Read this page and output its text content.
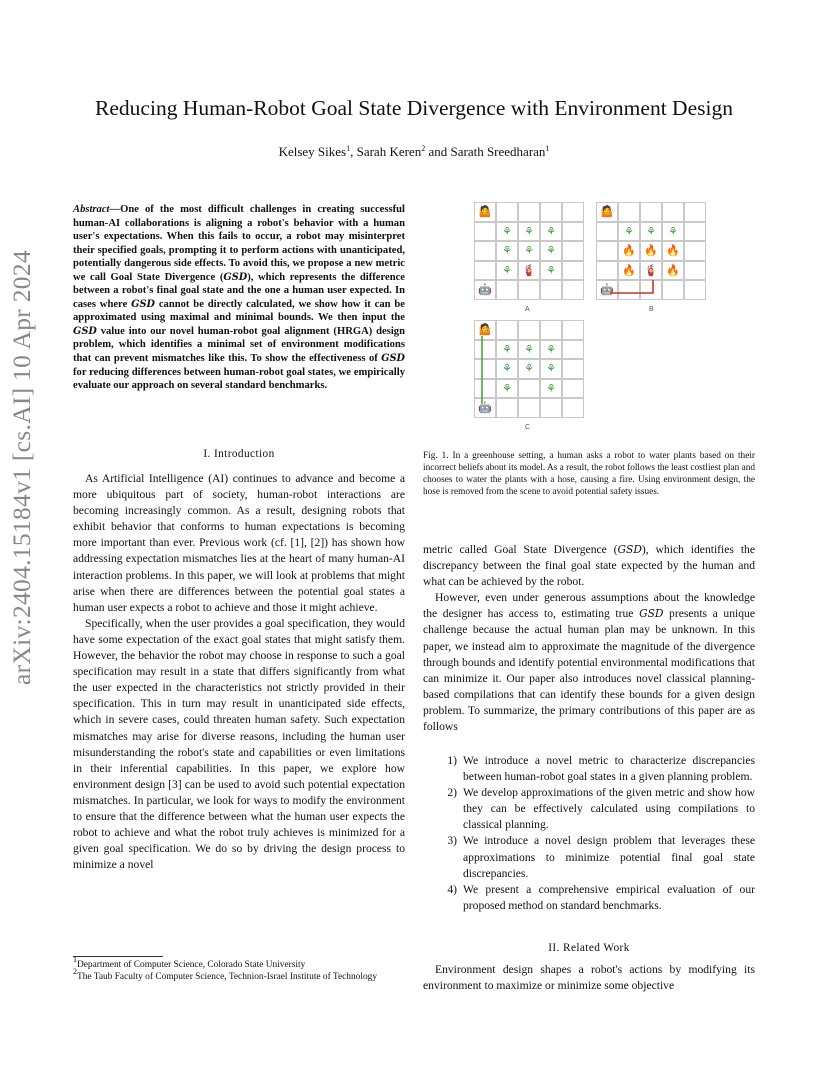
arXiv:2404.15184v1 [cs.AI] 10 Apr 2024
Reducing Human-Robot Goal State Divergence with Environment Design
Kelsey Sikes$^1$, Sarah Keren$^2$ and Sarath Sreedharan$^1$
Abstract—One of the most difficult challenges in creating successful human-AI collaborations is aligning a robot's behavior with a human user's expectations. When this fails to occur, a robot may misinterpret their specified goals, prompting it to perform actions with unanticipated, potentially dangerous side effects. To avoid this, we propose a new metric we call Goal State Divergence (GSD), which represents the difference between a robot's final goal state and the one a human user expected. In cases where GSD cannot be directly calculated, we show how it can be approximated using maximal and minimal bounds. We then input the GSD value into our novel human-robot goal alignment (HRGA) design problem, which identifies a minimal set of environment modifications that can prevent mismatches like this. To show the effectiveness of GSD for reducing differences between human-robot goal states, we empirically evaluate our approach on several standard benchmarks.
I. Introduction

As Artificial Intelligence (AI) continues to advance and become a more ubiquitous part of society, human-robot interactions are becoming increasingly common. As a result, designing robots that exhibit behavior that conforms to human expectations is becoming more important than ever. Previous work (cf. [1], [2]) has shown how addressing expectation mismatches lies at the heart of many human-AI interaction problems. In this paper, we will look at problems that might arise when there are differences between the potential goal states a human user expects a robot to achieve and those it might achieve.

Specifically, when the user provides a goal specification, they would have some expectation of the exact goal states that might satisfy them. However, the behavior the robot may choose in response to such a goal specification may result in a state that differs significantly from what the user expected in the characteristics not strictly provided in their specification. This in turn may result in unanticipated side effects, which in severe cases, could threaten human safety. Such expectation mismatches may arise for diverse reasons, including the human user misunderstanding the robot's state and capabilities or even limitations in their inferential capabilities. In this paper, we explore how environment design [3] can be used to avoid such potential expectation mismatches. In particular, we look for ways to modify the environment to ensure that the difference between what the human user expects the robot to achieve and what the robot truly achieves is minimized for a given goal specification. We do so by driving the design process to minimize a novel

$^1$Department of Computer Science, Colorado State University
$^2$The Taub Faculty of Computer Science, Technion-Israel Institute of Technology
🤷
⚘ ⚘ ⚘
⚘ ⚘ ⚘
⚘ 🧯 ⚘
🤖
A
🤷
⚘ ⚘ ⚘
🔥 🔥 🔥
🔥 🧯 🔥
🤖
B
🤷
⚘ ⚘ ⚘
⚘ ⚘ ⚘
⚘	⚘
🤖
C
Fig. 1. In a greenhouse setting, a human asks a robot to water plants based on their incorrect beliefs about its model. As a result, the robot follows the least costliest plan and chooses to water the plants with a hose, causing a fire. Using environment design, the hose is removed from the scene to avoid potential safety issues.

metric called Goal State Divergence (GSD), which identifies the discrepancy between the final goal state expected by the human and what can be achieved by the robot.

However, even under generous assumptions about the knowledge the designer has access to, estimating true GSD presents a unique challenge because the actual human plan may be unknown. In this paper, we instead aim to approximate the magnitude of the divergence through bounds and identify potential environmental modifications that can minimize it. Our paper also introduces novel classical planning-based compilations that can identify these bounds for a given design problem. To summarize, the primary contributions of this paper are as follows

1) We introduce a novel metric to characterize discrepancies between human-robot goal states in a given planning problem.
2) We develop approximations of the given metric and show how they can be effectively calculated using compilations to classical planning.
3) We introduce a novel design problem that leverages these approximations to minimize potential final goal state discrepancies.
4) We present a comprehensive empirical evaluation of our proposed method on standard benchmarks.
II. Related Work

Environment design shapes a robot's actions by modifying its environment to maximize or minimize some objective
